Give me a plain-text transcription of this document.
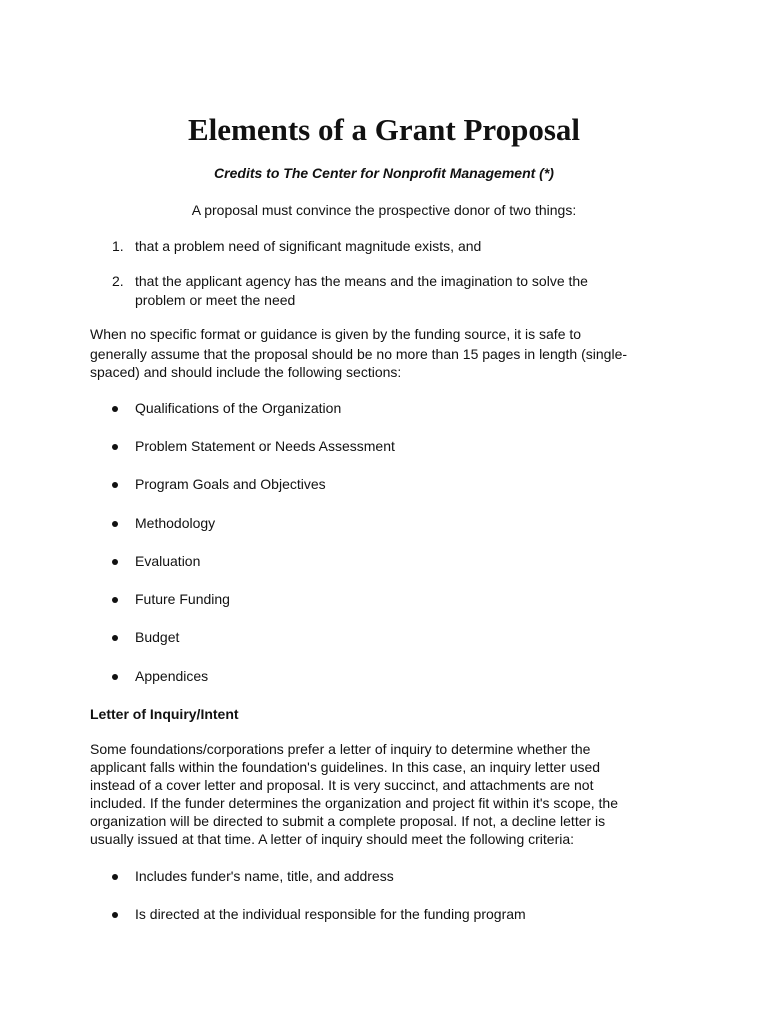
Elements of a Grant Proposal

Credits to The Center for Nonprofit Management (*)

A proposal must convince the prospective donor of two things:

1. that a problem need of significant magnitude exists, and
2. that the applicant agency has the means and the imagination to solve the
problem or meet the need
When no specific format or guidance is given by the funding source, it is safe to
generally assume that the proposal should be no more than 15 pages in length (single-
spaced) and should include the following sections:
Qualifications of the Organization
Problem Statement or Needs Assessment
Program Goals and Objectives
Methodology
Evaluation
Future Funding
Budget
Appendices
Letter of Inquiry/Intent
Some foundations/corporations prefer a letter of inquiry to determine whether the
applicant falls within the foundation's guidelines. In this case, an inquiry letter used
instead of a cover letter and proposal. It is very succinct, and attachments are not
included. If the funder determines the organization and project fit within it's scope, the
organization will be directed to submit a complete proposal. If not, a decline letter is
usually issued at that time. A letter of inquiry should meet the following criteria:
Includes funder's name, title, and address
Is directed at the individual responsible for the funding program
